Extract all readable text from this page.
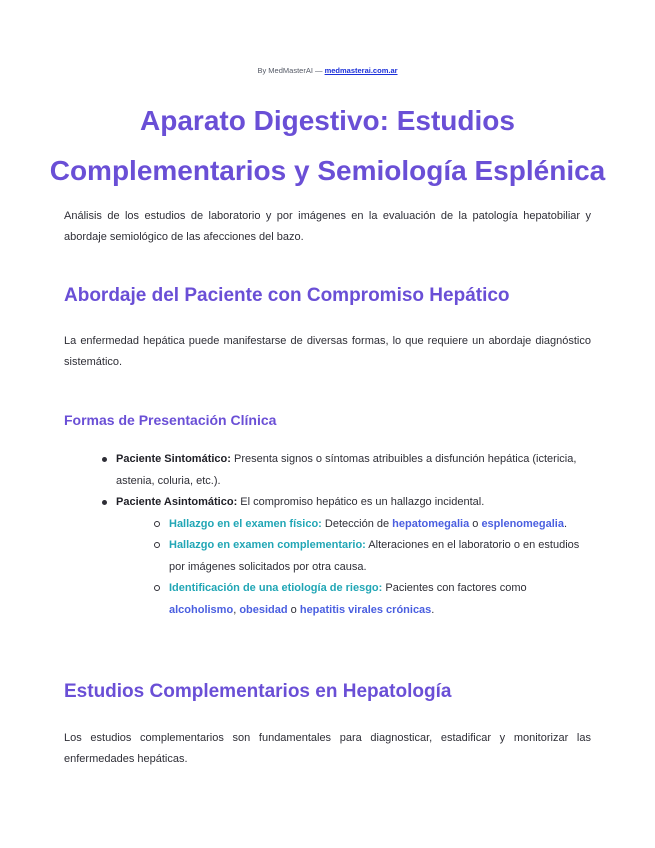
By MedMasterAI — medmasterai.com.ar
Aparato Digestivo: Estudios Complementarios y Semiología Esplénica

Análisis de los estudios de laboratorio y por imágenes en la evaluación de la patología hepatobiliar y abordaje semiológico de las afecciones del bazo.

Abordaje del Paciente con Compromiso Hepático

La enfermedad hepática puede manifestarse de diversas formas, lo que requiere un abordaje diagnóstico sistemático.

Formas de Presentación Clínica
Paciente Sintomático: Presenta signos o síntomas atribuibles a disfunción hepática (ictericia, astenia, coluria, etc.).
Paciente Asintomático: El compromiso hepático es un hallazgo incidental.
Hallazgo en el examen físico: Detección de hepatomegalia o esplenomegalia.
Hallazgo en examen complementario: Alteraciones en el laboratorio o en estudios por imágenes solicitados por otra causa.
Identificación de una etiología de riesgo: Pacientes con factores como alcoholismo, obesidad o hepatitis virales crónicas.
Estudios Complementarios en Hepatología

Los estudios complementarios son fundamentales para diagnosticar, estadificar y monitorizar las enfermedades hepáticas.
